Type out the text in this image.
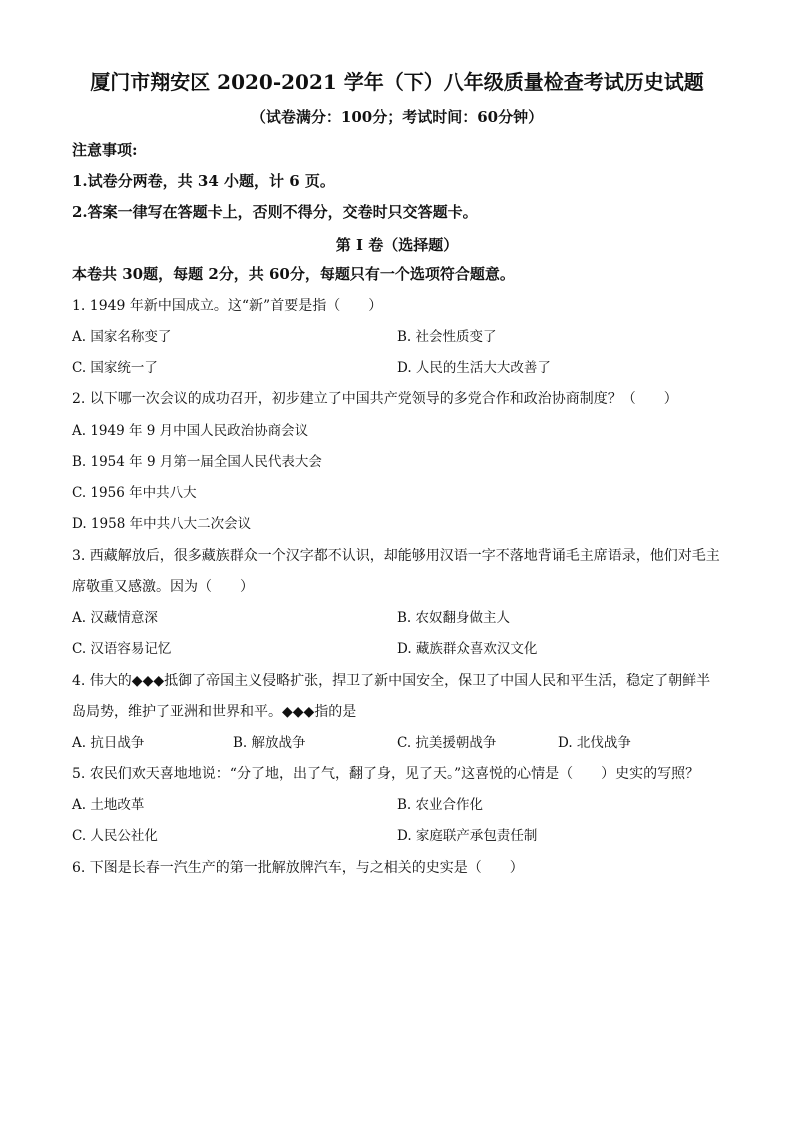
厦门市翔安区 2020-2021 学年（下）八年级质量检查考试历史试题
（试卷满分：100分；考试时间：60分钟）
注意事项:
1.试卷分两卷，共 34 小题，计 6 页。
2.答案一律写在答题卡上，否则不得分，交卷时只交答题卡。
第 I 卷（选择题）
本卷共 30题，每题 2分，共 60分，每题只有一个选项符合题意。
1. 1949 年新中国成立。这“新”首要是指（　　）
A. 国家名称变了	B. 社会性质变了
C. 国家统一了	D. 人民的生活大大改善了
2. 以下哪一次会议的成功召开，初步建立了中国共产党领导的多党合作和政治协商制度？（　　）
A. 1949 年 9 月中国人民政治协商会议
B. 1954 年 9 月第一届全国人民代表大会
C. 1956 年中共八大
D. 1958 年中共八大二次会议
3. 西藏解放后，很多藏族群众一个汉字都不认识，却能够用汉语一字不落地背诵毛主席语录，他们对毛主
席敬重又感激。因为（　　）
A. 汉藏情意深	B. 农奴翻身做主人
C. 汉语容易记忆	D. 藏族群众喜欢汉文化
4. 伟大的◆◆◆抵御了帝国主义侵略扩张，捍卫了新中国安全，保卫了中国人民和平生活，稳定了朝鲜半
岛局势，维护了亚洲和世界和平。◆◆◆指的是
A. 抗日战争	B. 解放战争	C. 抗美援朝战争	D. 北伐战争
5. 农民们欢天喜地地说：“分了地，出了气，翻了身，见了天。”这喜悦的心情是（　　）史实的写照？
A. 土地改革	B. 农业合作化
C. 人民公社化	D. 家庭联产承包责任制
6. 下图是长春一汽生产的第一批解放牌汽车，与之相关的史实是（　　）
